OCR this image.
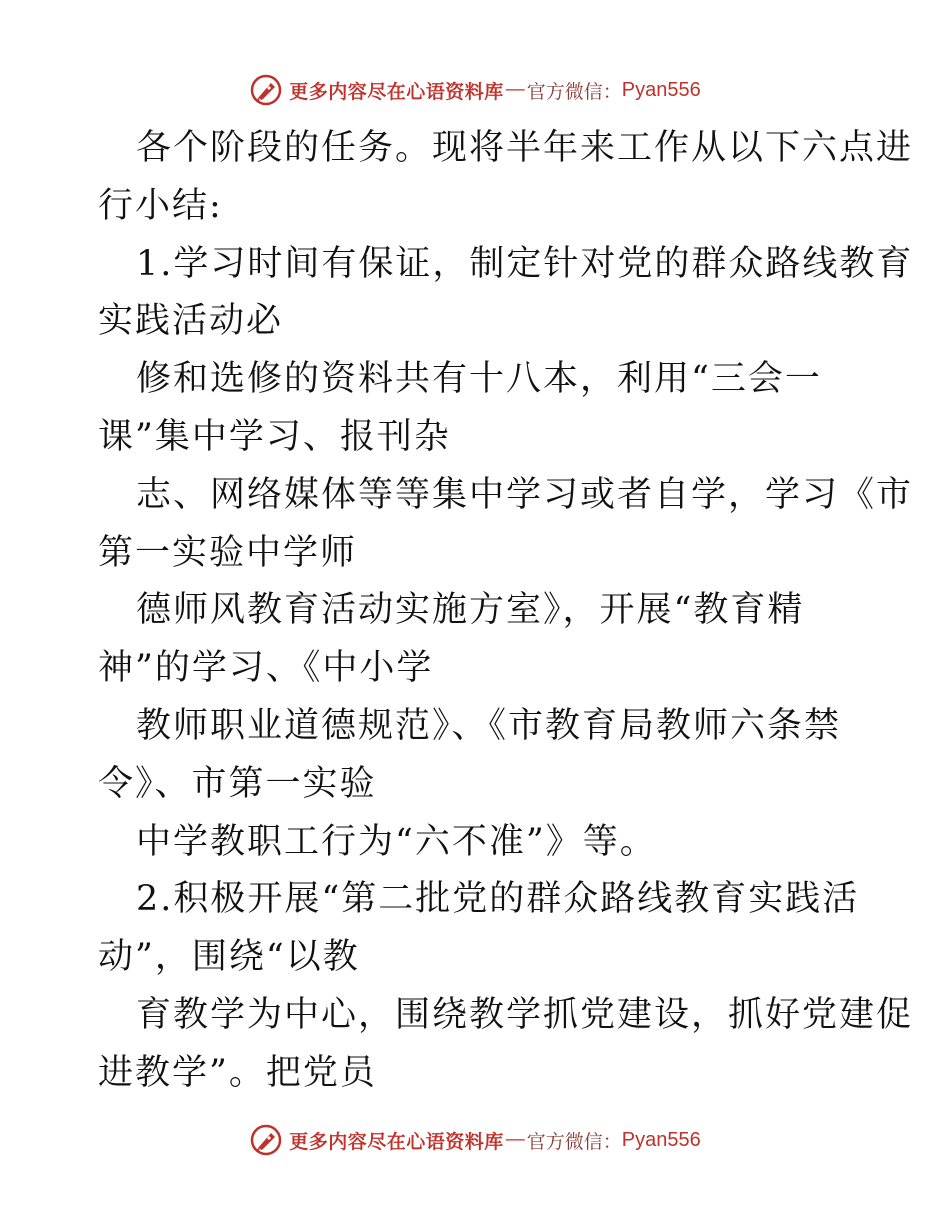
更多内容尽在心语资料库 — 官方微信： Pyan556
各个阶段的任务。现将半年来工作从以下六点进
行小结:
1.学习时间有保证，制定针对党的群众路线教育
实践活动必
修和选修的资料共有十八本，利用“三会一
课”集中学习、报刊杂
志、网络媒体等等集中学习或者自学，学习《市
第一实验中学师
德师风教育活动实施方室》，开展“教育精
神”的学习、《中小学
教师职业道德规范》、《市教育局教师六条禁
令》、市第一实验
中学教职工行为“六不准”》等。
2.积极开展“第二批党的群众路线教育实践活
动”，围绕“以教
育教学为中心，围绕教学抓党建设，抓好党建促
进教学”。把党员
更多内容尽在心语资料库 — 官方微信： Pyan556
